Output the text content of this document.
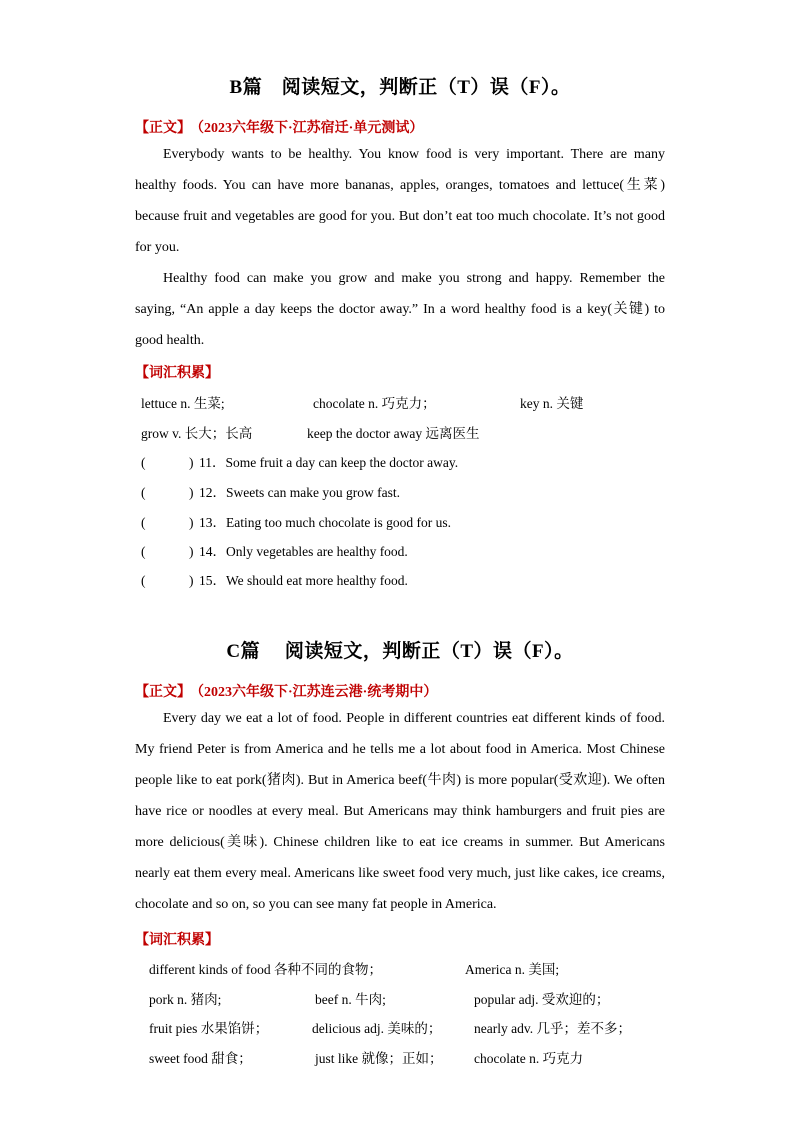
B篇　阅读短文，判断正（T）误（F）。
【正文】 （2023六年级下·江苏宿迁·单元测试）
Everybody wants to be healthy. You know food is very important. There are many
healthy foods. You can have more bananas, apples, oranges, tomatoes and lettuce(生菜)
because fruit and vegetables are good for you. But don’t eat too much chocolate. It’s not good
for you.
Healthy food can make you grow and make you strong and happy. Remember the
saying, “An apple a day keeps the doctor away.” In a word healthy food is a key(关键) to
good health.
【词汇积累】
lettuce n. 生菜;	chocolate n. 巧克力；	key n. 关键
grow v. 长大；长高	keep the doctor away 远离医生
(	) 11．Some fruit a day can keep the doctor away.
(	) 12．Sweets can make you grow fast.
(	) 13．Eating too much chocolate is good for us.
(	) 14．Only vegetables are healthy food.
(	) 15．We should eat more healthy food.
C篇　 阅读短文，判断正（T）误（F）。
【正文】 （2023六年级下·江苏连云港·统考期中）
Every day we eat a lot of food. People in different countries eat different kinds of food.
My friend Peter is from America and he tells me a lot about food in America. Most Chinese
people like to eat pork(猪肉). But in America beef(牛肉) is more popular(受欢迎). We often
have rice or noodles at every meal. But Americans may think hamburgers and fruit pies are
more delicious(美味). Chinese children like to eat ice creams in summer. But Americans
nearly eat them every meal. Americans like sweet food very much, just like cakes, ice creams,
chocolate and so on, so you can see many fat people in America.
【词汇积累】
different kinds of food 各种不同的食物；	America n. 美国;
pork n. 猪肉;	beef n. 牛肉;	popular adj. 受欢迎的；
fruit pies 水果馅饼；	delicious adj. 美味的； nearly adv. 几乎；差不多；
sweet food 甜食；	just like 就像；正如； chocolate n. 巧克力
